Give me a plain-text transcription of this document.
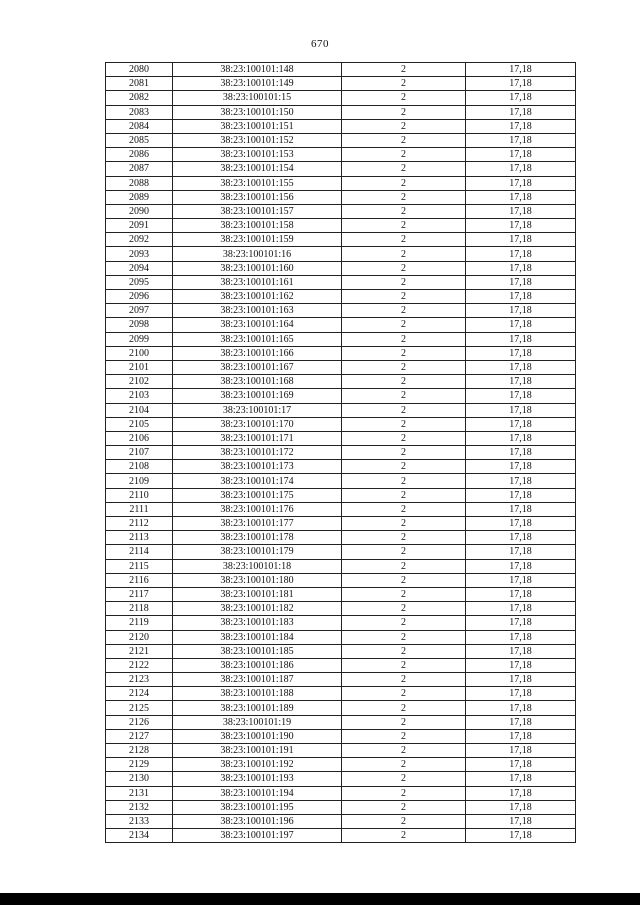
670
2080	38:23:100101:148	2	17,18
2081	38:23:100101:149	2	17,18
2082	38:23:100101:15	2	17,18
2083	38:23:100101:150	2	17,18
2084	38:23:100101:151	2	17,18
2085	38:23:100101:152	2	17,18
2086	38:23:100101:153	2	17,18
2087	38:23:100101:154	2	17,18
2088	38:23:100101:155	2	17,18
2089	38:23:100101:156	2	17,18
2090	38:23:100101:157	2	17,18
2091	38:23:100101:158	2	17,18
2092	38:23:100101:159	2	17,18
2093	38:23:100101:16	2	17,18
2094	38:23:100101:160	2	17,18
2095	38:23:100101:161	2	17,18
2096	38:23:100101:162	2	17,18
2097	38:23:100101:163	2	17,18
2098	38:23:100101:164	2	17,18
2099	38:23:100101:165	2	17,18
2100	38:23:100101:166	2	17,18
2101	38:23:100101:167	2	17,18
2102	38:23:100101:168	2	17,18
2103	38:23:100101:169	2	17,18
2104	38:23:100101:17	2	17,18
2105	38:23:100101:170	2	17,18
2106	38:23:100101:171	2	17,18
2107	38:23:100101:172	2	17,18
2108	38:23:100101:173	2	17,18
2109	38:23:100101:174	2	17,18
2110	38:23:100101:175	2	17,18
2111	38:23:100101:176	2	17,18
2112	38:23:100101:177	2	17,18
2113	38:23:100101:178	2	17,18
2114	38:23:100101:179	2	17,18
2115	38:23:100101:18	2	17,18
2116	38:23:100101:180	2	17,18
2117	38:23:100101:181	2	17,18
2118	38:23:100101:182	2	17,18
2119	38:23:100101:183	2	17,18
2120	38:23:100101:184	2	17,18
2121	38:23:100101:185	2	17,18
2122	38:23:100101:186	2	17,18
2123	38:23:100101:187	2	17,18
2124	38:23:100101:188	2	17,18
2125	38:23:100101:189	2	17,18
2126	38:23:100101:19	2	17,18
2127	38:23:100101:190	2	17,18
2128	38:23:100101:191	2	17,18
2129	38:23:100101:192	2	17,18
2130	38:23:100101:193	2	17,18
2131	38:23:100101:194	2	17,18
2132	38:23:100101:195	2	17,18
2133	38:23:100101:196	2	17,18
2134	38:23:100101:197	2	17,18
